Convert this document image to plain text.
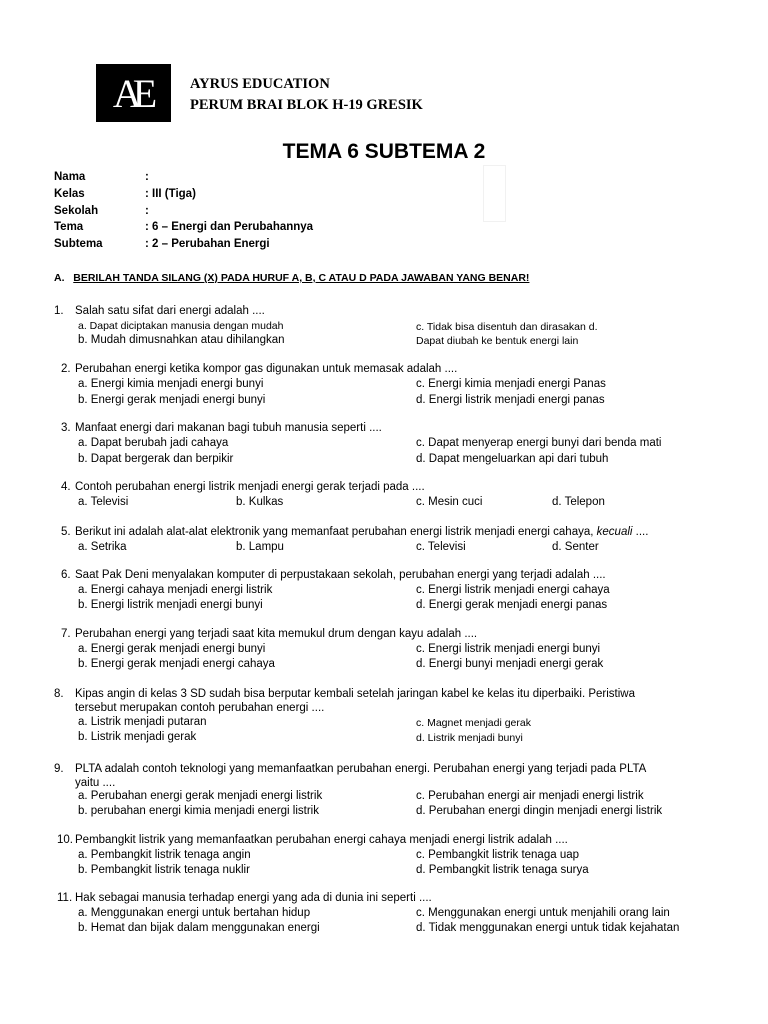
AE	AYRUS EDUCATION
PERUM BRAI BLOK H-19 GRESIK
TEMA 6 SUBTEMA 2
Nama	:
Kelas	: III (Tiga)
Sekolah	:
Tema	: 6 – Energi dan Perubahannya
Subtema	: 2 – Perubahan Energi
A. BERILAH TANDA SILANG (X) PADA HURUF A, B, C ATAU D PADA JAWABAN YANG BENAR!
1. Salah satu sifat dari energi adalah ....
a. Dapat diciptakan manusia dengan mudah	c. Tidak bisa disentuh dan dirasakan d.
b. Mudah dimusnahkan atau dihilangkan	Dapat diubah ke bentuk energi lain
2. Perubahan energi ketika kompor gas digunakan untuk memasak adalah ....
a. Energi kimia menjadi energi bunyi	c. Energi kimia menjadi energi Panas
b. Energi gerak menjadi energi bunyi	d. Energi listrik menjadi energi panas
3. Manfaat energi dari makanan bagi tubuh manusia seperti ....
a. Dapat berubah jadi cahaya	c. Dapat menyerap energi bunyi dari benda mati
b. Dapat bergerak dan berpikir	d. Dapat mengeluarkan api dari tubuh
4. Contoh perubahan energi listrik menjadi energi gerak terjadi pada ....
a. Televisi	b. Kulkas	c. Mesin cuci	d. Telepon
5. Berikut ini adalah alat-alat elektronik yang memanfaat perubahan energi listrik menjadi energi cahaya, kecuali ....
a. Setrika	b. Lampu	c. Televisi	d. Senter
6. Saat Pak Deni menyalakan komputer di perpustakaan sekolah, perubahan energi yang terjadi adalah ....
a. Energi cahaya menjadi energi listrik	c. Energi listrik menjadi energi cahaya
b. Energi listrik menjadi energi bunyi	d. Energi gerak menjadi energi panas
7. Perubahan energi yang terjadi saat kita memukul drum dengan kayu adalah ....
a. Energi gerak menjadi energi bunyi	c. Energi listrik menjadi energi bunyi
b. Energi gerak menjadi energi cahaya	d. Energi bunyi menjadi energi gerak
8. Kipas angin di kelas 3 SD sudah bisa berputar kembali setelah jaringan kabel ke kelas itu diperbaiki. Peristiwa
tersebut merupakan contoh perubahan energi ....
a. Listrik menjadi putaran	c. Magnet menjadi gerak
b. Listrik menjadi gerak	d. Listrik menjadi bunyi
9. PLTA adalah contoh teknologi yang memanfaatkan perubahan energi. Perubahan energi yang terjadi pada PLTA
yaitu ....
a. Perubahan energi gerak menjadi energi listrik	c. Perubahan energi air menjadi energi listrik
b. perubahan energi kimia menjadi energi listrik	d. Perubahan energi dingin menjadi energi listrik
10. Pembangkit listrik yang memanfaatkan perubahan energi cahaya menjadi energi listrik adalah ....
a. Pembangkit listrik tenaga angin	c. Pembangkit listrik tenaga uap
b. Pembangkit listrik tenaga nuklir	d. Pembangkit listrik tenaga surya
11. Hak sebagai manusia terhadap energi yang ada di dunia ini seperti ....
a. Menggunakan energi untuk bertahan hidup	c. Menggunakan energi untuk menjahili orang lain
b. Hemat dan bijak dalam menggunakan energi	d. Tidak menggunakan energi untuk tidak kejahatan
